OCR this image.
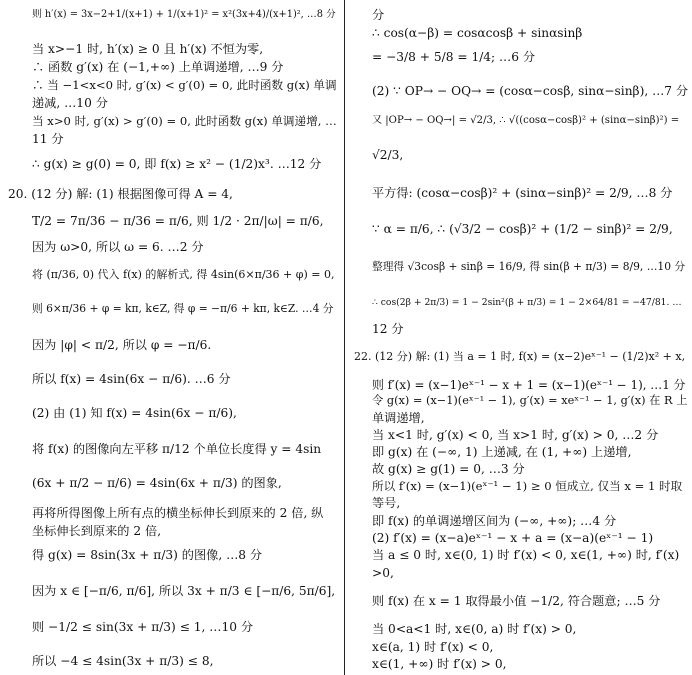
则 h′(x) = 3x−2+1/(x+1) + 1/(x+1)² = x²(3x+4)/(x+1)², …8 分
当 x>−1 时, h′(x) ≥ 0 且 h′(x) 不恒为零,
∴ 函数 g′(x) 在 (−1,+∞) 上单调递增, …9 分
∴ 当 −1<x<0 时, g′(x) < g′(0) = 0, 此时函数 g(x) 单调
递减, …10 分
当 x>0 时, g′(x) > g′(0) = 0, 此时函数 g(x) 单调递增, …
11 分
∴ g(x) ≥ g(0) = 0, 即 f(x) ≥ x² − (1/2)x³. …12 分
20. (12 分) 解: (1) 根据图像可得 A = 4,
T/2 = 7π/36 − π/36 = π/6, 则 1/2 · 2π/|ω| = π/6,
因为 ω>0, 所以 ω = 6. …2 分
将 (π/36, 0) 代入 f(x) 的解析式, 得 4sin(6×π/36 + φ) = 0,
则 6×π/36 + φ = kπ, k∈Z, 得 φ = −π/6 + kπ, k∈Z. …4 分
因为 |φ| < π/2, 所以 φ = −π/6.
所以 f(x) = 4sin(6x − π/6). …6 分
(2) 由 (1) 知 f(x) = 4sin(6x − π/6),
将 f(x) 的图像向左平移 π/12 个单位长度得 y = 4sin
(6x + π/2 − π/6) = 4sin(6x + π/3) 的图象,
再将所得图像上所有点的横坐标伸长到原来的 2 倍, 纵
坐标伸长到原来的 2 倍,
得 g(x) = 8sin(3x + π/3) 的图像, …8 分
因为 x ∈ [−π/6, π/6], 所以 3x + π/3 ∈ [−π/6, 5π/6],
则 −1/2 ≤ sin(3x + π/3) ≤ 1, …10 分
所以 −4 ≤ 4sin(3x + π/3) ≤ 8,
分
∴ cos(α−β) = cosαcosβ + sinαsinβ
= −3/8 + 5/8 = 1/4; …6 分
(2) ∵ OP→ − OQ→ = (cosα−cosβ, sinα−sinβ), …7 分
又 |OP→ − OQ→| = √2/3, ∴ √((cosα−cosβ)² + (sinα−sinβ)²) =
√2/3,
平方得: (cosα−cosβ)² + (sinα−sinβ)² = 2/9, …8 分
∵ α = π/6, ∴ (√3/2 − cosβ)² + (1/2 − sinβ)² = 2/9,
整理得 √3cosβ + sinβ = 16/9, 得 sin(β + π/3) = 8/9, …10 分
∴ cos(2β + 2π/3) = 1 − 2sin²(β + π/3) = 1 − 2×64/81 = −47/81. …
12 分
22. (12 分) 解: (1) 当 a = 1 时, f(x) = (x−2)eˣ⁻¹ − (1/2)x² + x,
则 f′(x) = (x−1)eˣ⁻¹ − x + 1 = (x−1)(eˣ⁻¹ − 1), …1 分
令 g(x) = (x−1)(eˣ⁻¹ − 1), g′(x) = xeˣ⁻¹ − 1, g′(x) 在 R 上
单调递增,
当 x<1 时, g′(x) < 0, 当 x>1 时, g′(x) > 0, …2 分
即 g(x) 在 (−∞, 1) 上递减, 在 (1, +∞) 上递增,
故 g(x) ≥ g(1) = 0, …3 分
所以 f′(x) = (x−1)(eˣ⁻¹ − 1) ≥ 0 恒成立, 仅当 x = 1 时取
等号,
即 f(x) 的单调递增区间为 (−∞, +∞); …4 分
(2) f′(x) = (x−a)eˣ⁻¹ − x + a = (x−a)(eˣ⁻¹ − 1)
当 a ≤ 0 时, x∈(0, 1) 时 f′(x) < 0, x∈(1, +∞) 时, f′(x)
>0,
则 f(x) 在 x = 1 取得最小值 −1/2, 符合题意; …5 分
当 0<a<1 时, x∈(0, a) 时 f′(x) > 0,
x∈(a, 1) 时 f′(x) < 0,
x∈(1, +∞) 时 f′(x) > 0,
